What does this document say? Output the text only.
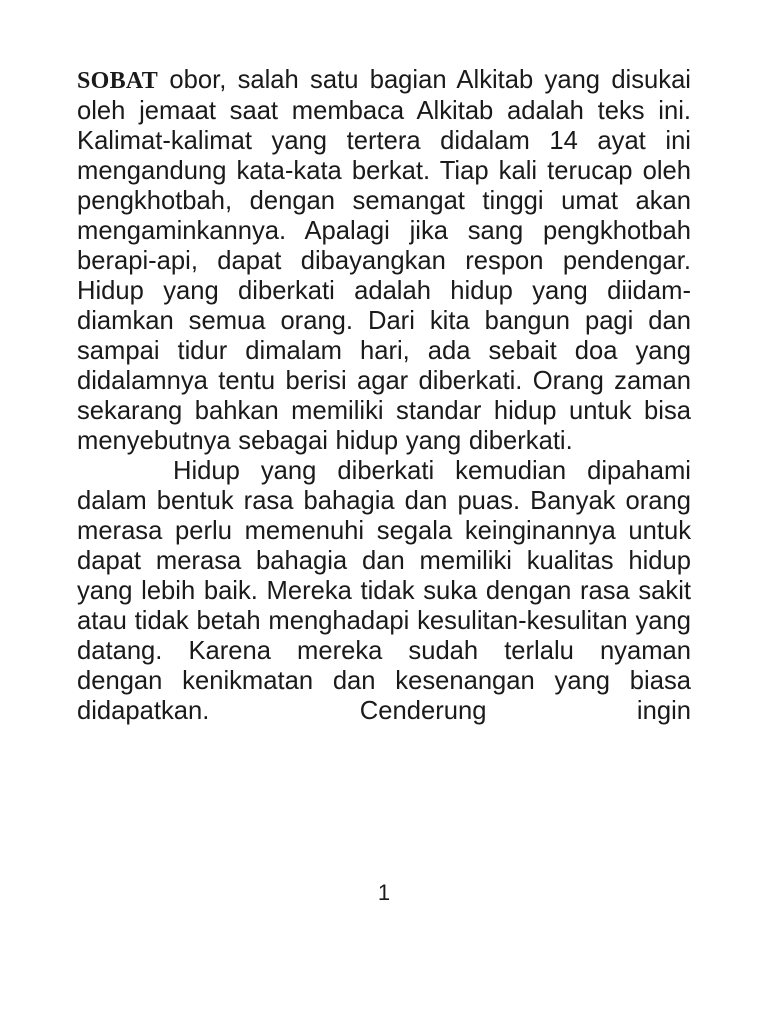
SOBAT obor, salah satu bagian Alkitab yang disukai oleh jemaat saat membaca Alkitab adalah teks ini. Kalimat-kalimat yang tertera didalam 14 ayat ini mengandung kata-kata berkat. Tiap kali terucap oleh pengkhotbah, dengan semangat tinggi umat akan mengaminkannya. Apalagi jika sang pengkhotbah berapi-api, dapat dibayangkan respon pendengar. Hidup yang diberkati adalah hidup yang diidam-diamkan semua orang. Dari kita bangun pagi dan sampai tidur dimalam hari, ada sebait doa yang didalamnya tentu berisi agar diberkati. Orang zaman sekarang bahkan memiliki standar hidup untuk bisa menyebutnya sebagai hidup yang diberkati.

Hidup yang diberkati kemudian dipahami dalam bentuk rasa bahagia dan puas. Banyak orang merasa perlu memenuhi segala keinginannya untuk dapat merasa bahagia dan memiliki kualitas hidup yang lebih baik. Mereka tidak suka dengan rasa sakit atau tidak betah menghadapi kesulitan-kesulitan yang datang. Karena mereka sudah terlalu nyaman dengan kenikmatan dan kesenangan yang biasa didapatkan. Cenderung ingin

1
